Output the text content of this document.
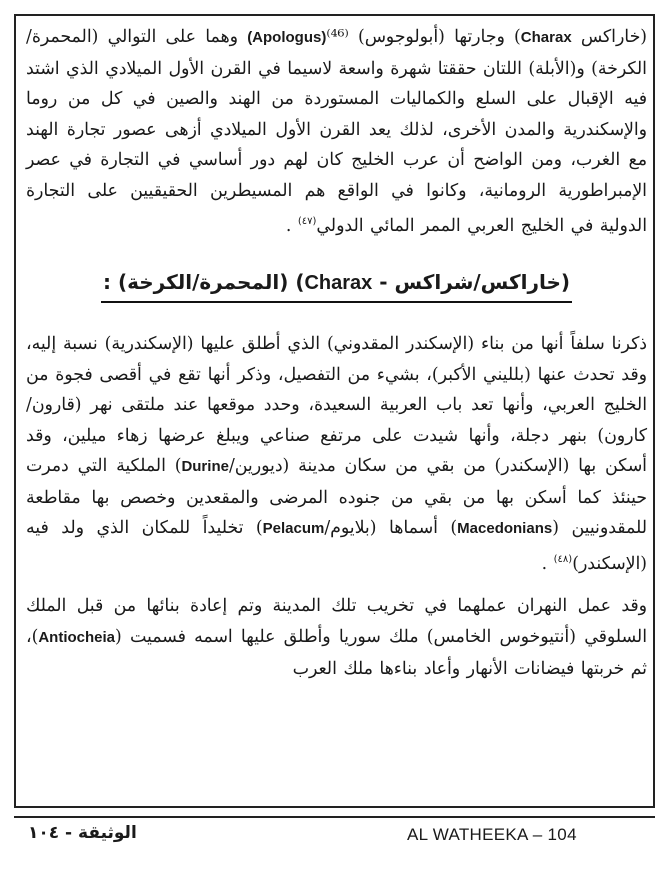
(خاراكس Charax) وجارتها (أبولوجوس) (Apologus)⁽⁴⁶⁾ وهما على التوالي (المحمرة/الكرخة) و(الأبلة) اللتان حققتا شهرة واسعة لاسيما في القرن الأول الميلادي الذي اشتد فيه الإقبال على السلع والكماليات المستوردة من الهند والصين في كل من روما والإسكندرية والمدن الأخرى، لذلك يعد القرن الأول الميلادي أزهى عصور تجارة الهند مع الغرب، ومن الواضح أن عرب الخليج كان لهم دور أساسي في التجارة في عصر الإمبراطورية الرومانية، وكانوا في الواقع هم المسيطرين الحقيقيين على التجارة الدولية في الخليج العربي الممر المائي الدولي$^{(٤٧)}$ .

(خاراكس/شراكس - Charax) (المحمرة/الكرخة) :

ذكرنا سلفاً أنها من بناء (الإسكندر المقدوني) الذي أطلق عليها (الإسكندرية) نسبة إليه، وقد تحدث عنها (بلليني الأكبر)، بشيء من التفصيل، وذكر أنها تقع في أقصى فجوة من الخليج العربي، وأنها تعد باب العربية السعيدة، وحدد موقعها عند ملتقى نهر (قارون/كارون) بنهر دجلة، وأنها شيدت على مرتفع صناعي ويبلغ عرضها زهاء ميلين، وقد أسكن بها (الإسكندر) من بقي من سكان مدينة (ديورين/Durine) الملكية التي دمرت حينئذ كما أسكن بها من بقي من جنوده المرضى والمقعدين وخصص بها مقاطعة للمقدونيين (Macedonians) أسماها (بلايوم/Pelacum) تخليداً للمكان الذي ولد فيه (الإسكندر)$^{(٤٨)}$ .

وقد عمل النهران عملهما في تخريب تلك المدينة وتم إعادة بنائها من قبل الملك السلوقي (أنتيوخوس الخامس) ملك سوريا وأطلق عليها اسمه فسميت (Antiocheia)، ثم خربتها فيضانات الأنهار وأعاد بناءها ملك العرب

AL WATHEEKA – 104
الوثيقة - ١٠٤
